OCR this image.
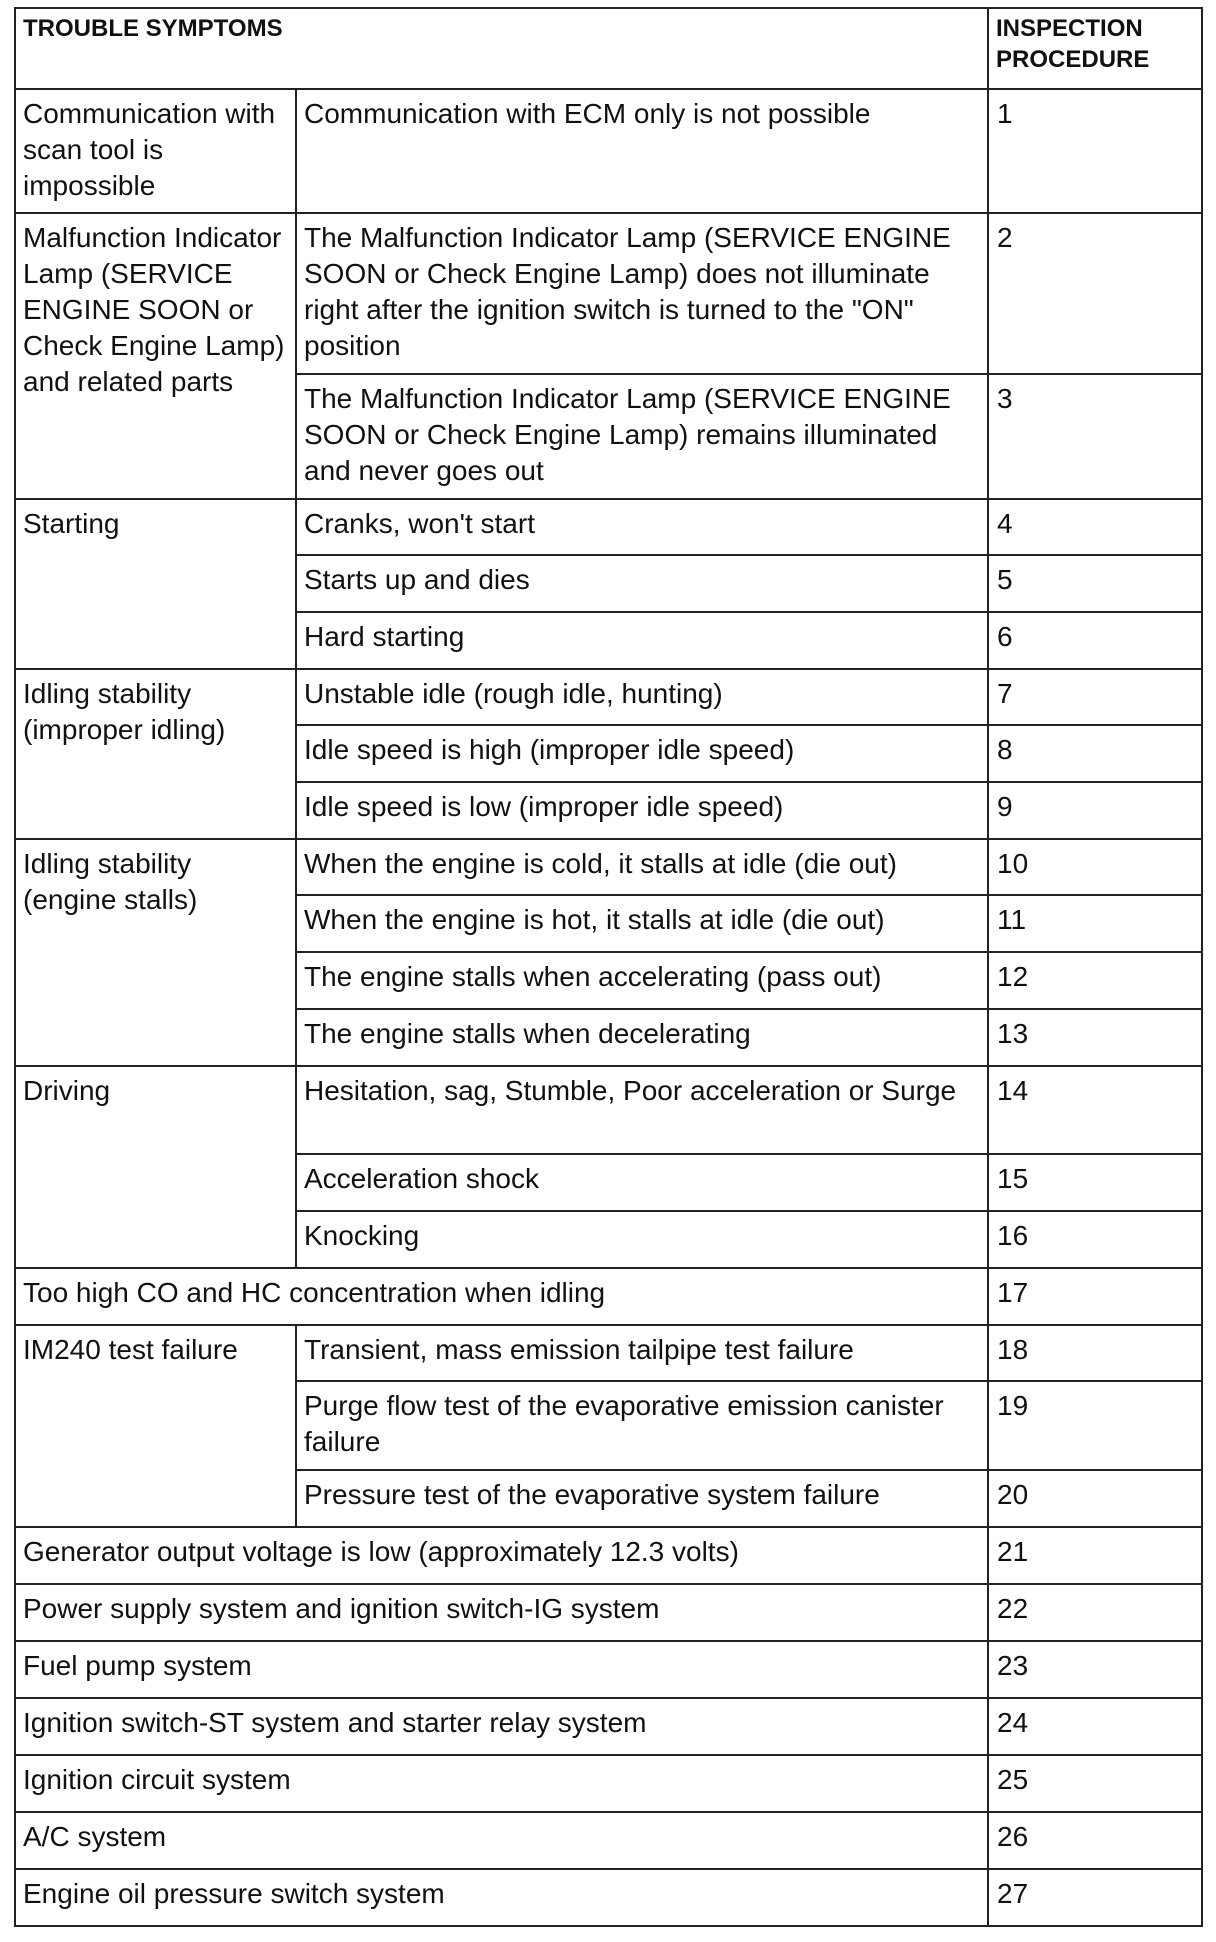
TROUBLE SYMPTOMS		INSPECTION
PROCEDURE
Communication with scan tool is impossible	Communication with ECM only is not possible	1
Malfunction Indicator Lamp (SERVICE ENGINE SOON or Check Engine Lamp) and related parts	The Malfunction Indicator Lamp (SERVICE ENGINE SOON or Check Engine Lamp) does not illuminate right after the ignition switch is turned to the "ON" position	2
	The Malfunction Indicator Lamp (SERVICE ENGINE SOON or Check Engine Lamp) remains illuminated and never goes out	3
Starting	Cranks, won't start	4
	Starts up and dies	5
	Hard starting	6
Idling stability (improper idling)	Unstable idle (rough idle, hunting)	7
	Idle speed is high (improper idle speed)	8
	Idle speed is low (improper idle speed)	9
Idling stability (engine stalls)	When the engine is cold, it stalls at idle (die out)	10
	When the engine is hot, it stalls at idle (die out)	11
	The engine stalls when accelerating (pass out)	12
	The engine stalls when decelerating	13
Driving	Hesitation, sag, Stumble, Poor acceleration or Surge	14
	Acceleration shock	15
	Knocking	16
Too high CO and HC concentration when idling		17
IM240 test failure	Transient, mass emission tailpipe test failure	18
	Purge flow test of the evaporative emission canister failure	19
	Pressure test of the evaporative system failure	20
Generator output voltage is low (approximately 12.3 volts)		21
Power supply system and ignition switch-IG system		22
Fuel pump system		23
Ignition switch-ST system and starter relay system		24
Ignition circuit system		25
A/C system		26
Engine oil pressure switch system		27
